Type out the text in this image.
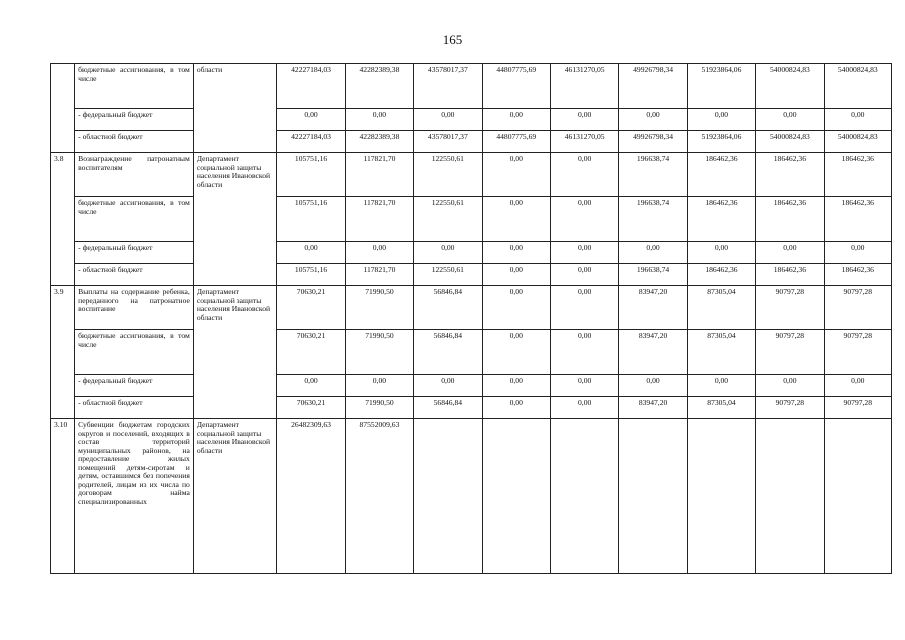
165
	бюджетные ассигнования, в том числе	области	42227184,03	42282389,38	43578017,37	44807775,69	46131270,05	49926798,34	51923864,06	54000824,83	54000824,83
	- федеральный бюджет		0,00	0,00	0,00	0,00	0,00	0,00	0,00	0,00	0,00
	- областной бюджет		42227184,03	42282389,38	43578017,37	44807775,69	46131270,05	49926798,34	51923864,06	54000824,83	54000824,83
3.8	Вознаграждение патронатным воспитателям	Департамент социальной защиты населения Ивановской области	105751,16	117821,70	122550,61	0,00	0,00	196638,74	186462,36	186462,36	186462,36
	бюджетные ассигнования, в том числе		105751,16	117821,70	122550,61	0,00	0,00	196638,74	186462,36	186462,36	186462,36
	- федеральный бюджет		0,00	0,00	0,00	0,00	0,00	0,00	0,00	0,00	0,00
	- областной бюджет		105751,16	117821,70	122550,61	0,00	0,00	196638,74	186462,36	186462,36	186462,36
3.9	Выплаты на содержание ребенка, переданного на патронатное воспитание	Департамент социальной защиты населения Ивановской области	70630,21	71990,50	56846,84	0,00	0,00	83947,20	87305,04	90797,28	90797,28
	бюджетные ассигнования, в том числе		70630,21	71990,50	56846,84	0,00	0,00	83947,20	87305,04	90797,28	90797,28
	- федеральный бюджет		0,00	0,00	0,00	0,00	0,00	0,00	0,00	0,00	0,00
	- областной бюджет		70630,21	71990,50	56846,84	0,00	0,00	83947,20	87305,04	90797,28	90797,28
3.10	Субвенции бюджетам городских округов и поселений, входящих в состав территорий муниципальных районов, на предоставление жилых помещений детям-сиротам и детям, оставшимся без попечения родителей, лицам из их числа по договорам найма специализированных	Департамент социальной защиты населения Ивановской области	26482309,63	87552009,63							
